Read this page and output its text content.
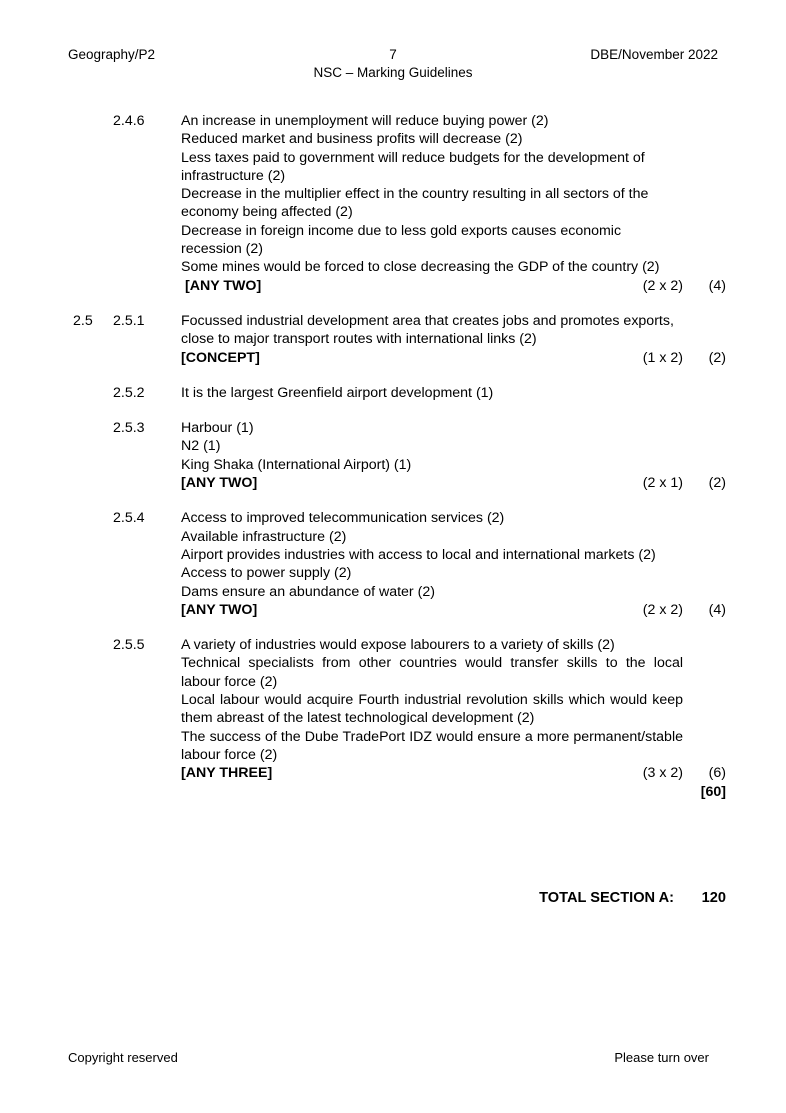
Geography/P2	7
NSC – Marking Guidelines
DBE/November 2022
2.4.6	An increase in unemployment will reduce buying power (2)

Reduced market and business profits will decrease (2)

Less taxes paid to government will reduce budgets for the development of infrastructure (2)

Decrease in the multiplier effect in the country resulting in all sectors of the economy being affected (2)

Decrease in foreign income due to less gold exports causes economic recession (2)

Some mines would be forced to close decreasing the GDP of the country (2)

[ANY TWO]	(2 x 2)	(4)

2.5 2.5.1	Focussed industrial development area that creates jobs and promotes exports, close to major transport routes with international links (2)

[CONCEPT]	(1 x 2)	(2)

2.5.2	It is the largest Greenfield airport development (1)

2.5.3	Harbour (1)

N2 (1)

King Shaka (International Airport) (1)

[ANY TWO]	(2 x 1)	(2)

2.5.4	Access to improved telecommunication services (2)

Available infrastructure (2)

Airport provides industries with access to local and international markets (2)

Access to power supply (2)

Dams ensure an abundance of water (2)

[ANY TWO]	(2 x 2)	(4)

2.5.5	A variety of industries would expose labourers to a variety of skills (2)

Technical specialists from other countries would transfer skills to the local labour force (2)

Local labour would acquire Fourth industrial revolution skills which would keep them abreast of the latest technological development (2)

The success of the Dube TradePort IDZ would ensure a more permanent/stable labour force (2)

[ANY THREE]	(3 x 2)	(6)

[60]

TOTAL SECTION A: 120
Copyright reserved	Please turn over
